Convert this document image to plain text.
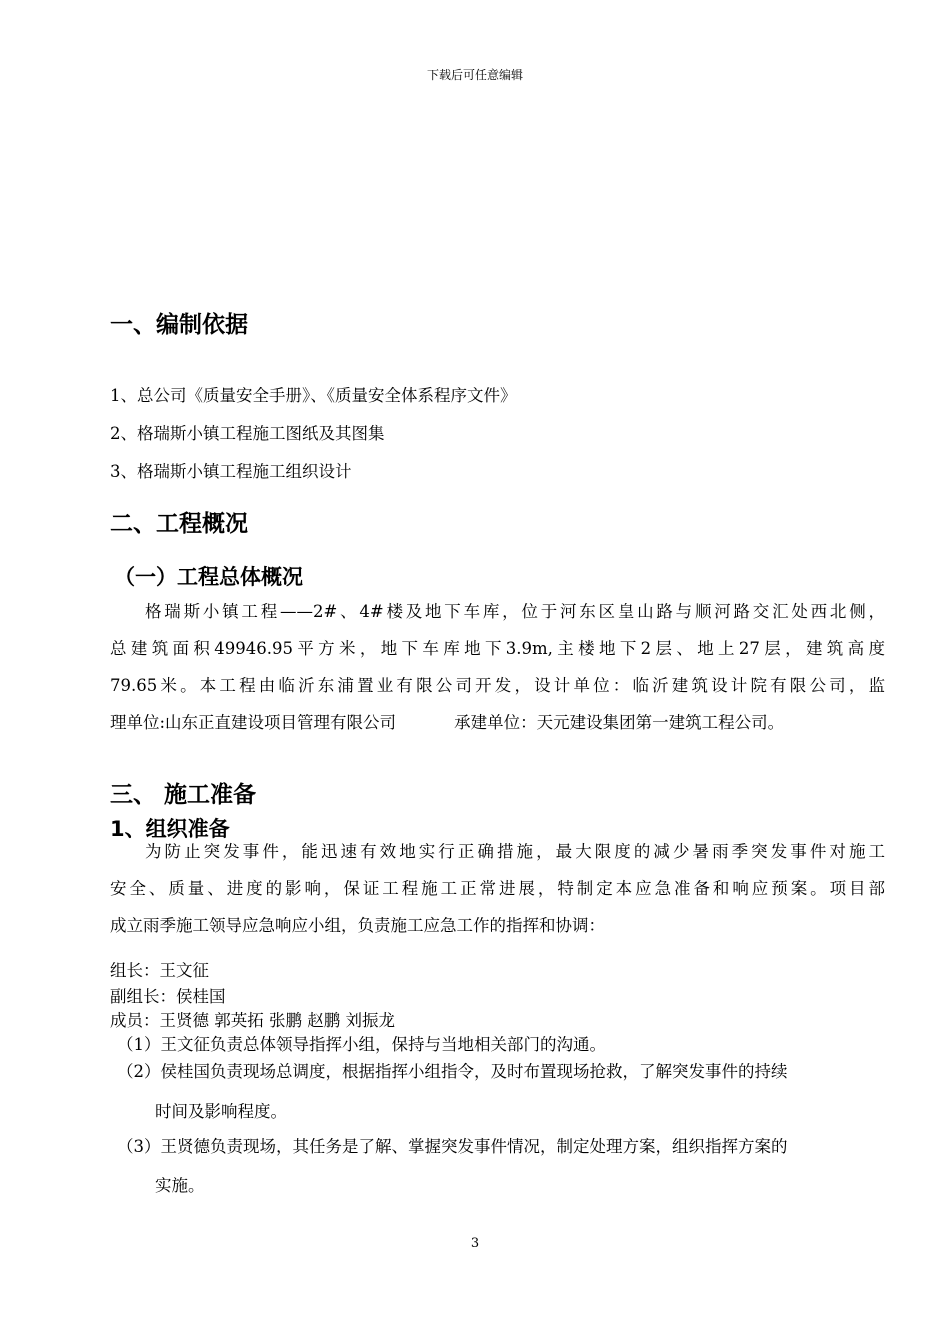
下载后可任意编辑
一、编制依据
1、总公司《质量安全手册》、《质量安全体系程序文件》
2、格瑞斯小镇工程施工图纸及其图集
3、格瑞斯小镇工程施工组织设计
二、工程概况
（一）工程总体概况
格瑞斯小镇工程——2#、4#楼及地下车库，位于河东区皇山路与顺河路交汇处西北侧，
总建筑面积49946.95平方米，地下车库地下3.9m,主楼地下2层、地上27层，建筑高度
79.65米。本工程由临沂东浦置业有限公司开发，设计单位：临沂建筑设计院有限公司，监
理单位:山东正直建设项目管理有限公司	承建单位：天元建设集团第一建筑工程公司。
三、 施工准备
1、组织准备
为防止突发事件，能迅速有效地实行正确措施，最大限度的减少暑雨季突发事件对施工
安全、质量、进度的影响，保证工程施工正常进展，特制定本应急准备和响应预案。项目部
成立雨季施工领导应急响应小组，负责施工应急工作的指挥和协调：
组长：王文征
副组长：侯桂国
成员：王贤德 郭英拓 张鹏 赵鹏 刘振龙
（1）王文征负责总体领导指挥小组，保持与当地相关部门的沟通。
（2）侯桂国负责现场总调度，根据指挥小组指令，及时布置现场抢救，了解突发事件的持续
时间及影响程度。
（3）王贤德负责现场，其任务是了解、掌握突发事件情况，制定处理方案，组织指挥方案的
实施。
3
